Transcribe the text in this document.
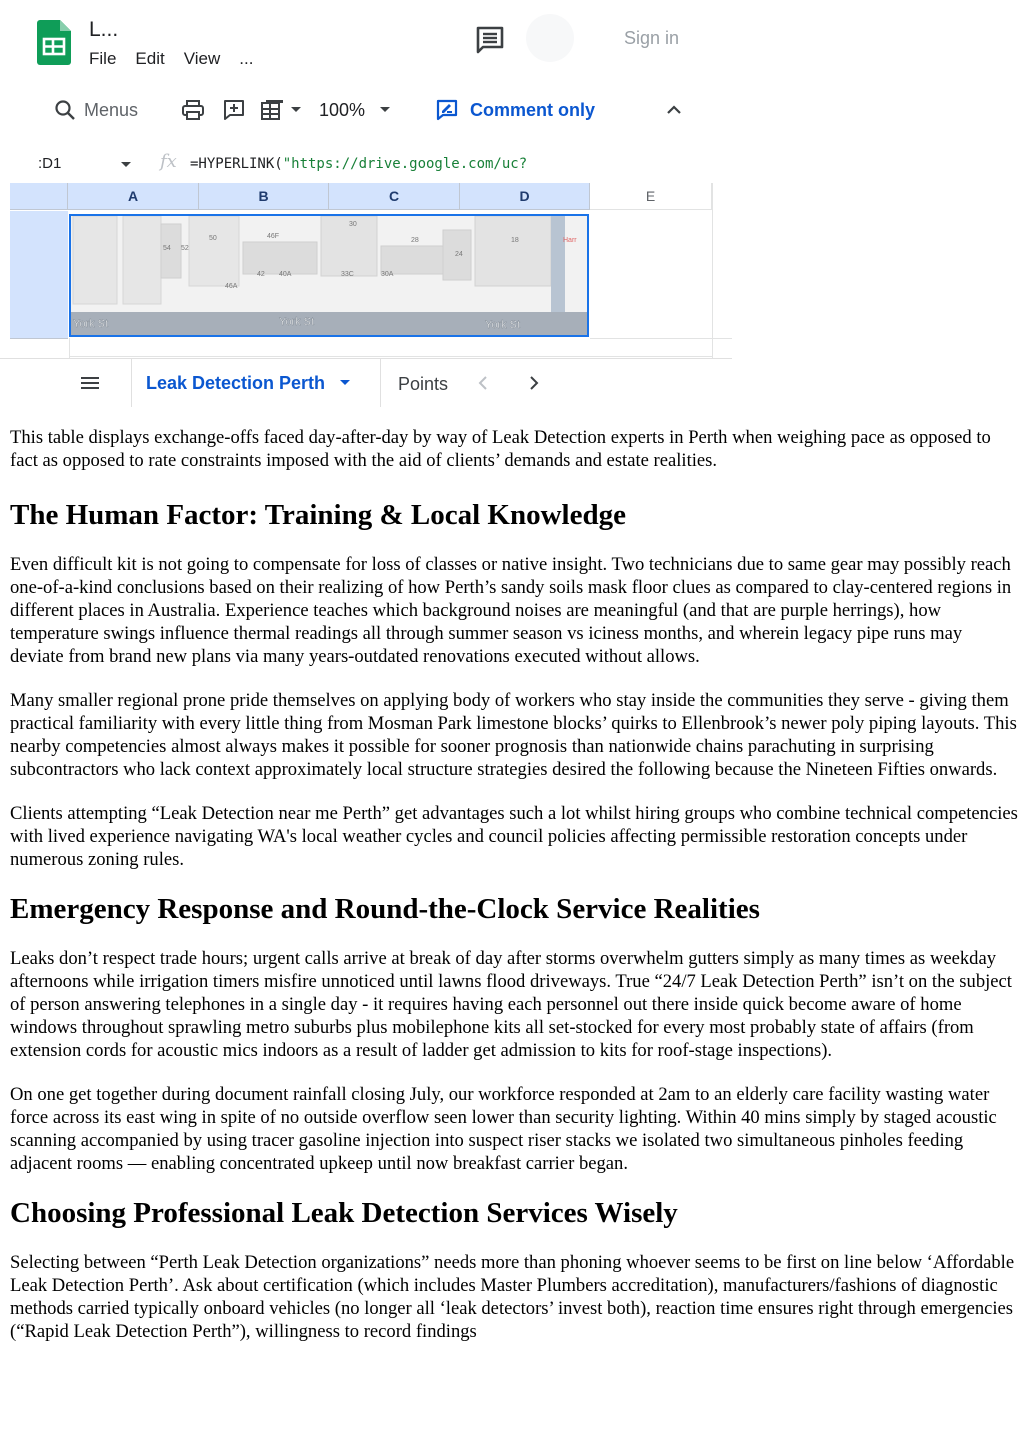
L...
File Edit View ...
Sign in
Menus	100%	Comment only
:D1	fx =HYPERLINK("https://drive.google.com/uc?
A	B	C	D	E
54 52
50	46F
30
28
24
18
42 40A	33C	30A
46A
Harr
York St	York St	York St
Leak Detection Perth	Points

This table displays exchange-offs faced day-after-day by way of Leak Detection experts in Perth when weighing pace as opposed to fact as opposed to rate constraints imposed with the aid of clients’ demands and estate realities.

The Human Factor: Training & Local Knowledge

Even difficult kit is not going to compensate for loss of classes or native insight. Two technicians due to same gear may possibly reach one-of-a-kind conclusions based on their realizing of how Perth’s sandy soils mask floor clues as compared to clay-centered regions in different places in Australia. Experience teaches which background noises are meaningful (and that are purple herrings), how temperature swings influence thermal readings all through summer season vs iciness months, and wherein legacy pipe runs may deviate from brand new plans via many years-outdated renovations executed without allows.

Many smaller regional prone pride themselves on applying body of workers who stay inside the communities they serve - giving them practical familiarity with every little thing from Mosman Park limestone blocks’ quirks to Ellenbrook’s newer poly piping layouts. This nearby competencies almost always makes it possible for sooner prognosis than nationwide chains parachuting in surprising subcontractors who lack context approximately local structure strategies desired the following because the Nineteen Fifties onwards.

Clients attempting “Leak Detection near me Perth” get advantages such a lot whilst hiring groups who combine technical competencies with lived experience navigating WA's local weather cycles and council policies affecting permissible restoration concepts under numerous zoning rules.

Emergency Response and Round-the-Clock Service Realities

Leaks don’t respect trade hours; urgent calls arrive at break of day after storms overwhelm gutters simply as many times as weekday afternoons while irrigation timers misfire unnoticed until lawns flood driveways. True “24/7 Leak Detection Perth” isn’t on the subject of person answering telephones in a single day - it requires having each personnel out there inside quick become aware of home windows throughout sprawling metro suburbs plus mobilephone kits all set-stocked for every most probably state of affairs (from extension cords for acoustic mics indoors as a result of ladder get admission to kits for roof-stage inspections).

On one get together during document rainfall closing July, our workforce responded at 2am to an elderly care facility wasting water force across its east wing in spite of no outside overflow seen lower than security lighting. Within 40 mins simply by staged acoustic scanning accompanied by using tracer gasoline injection into suspect riser stacks we isolated two simultaneous pinholes feeding adjacent rooms — enabling concentrated upkeep until now breakfast carrier began.

Choosing Professional Leak Detection Services Wisely

Selecting between “Perth Leak Detection organizations” needs more than phoning whoever seems to be first on line below ‘Affordable Leak Detection Perth’. Ask about certification (which includes Master Plumbers accreditation), manufacturers/fashions of diagnostic methods carried typically onboard vehicles (no longer all ‘leak detectors’ invest both), reaction time ensures right through emergencies (“Rapid Leak Detection Perth”), willingness to record findings
